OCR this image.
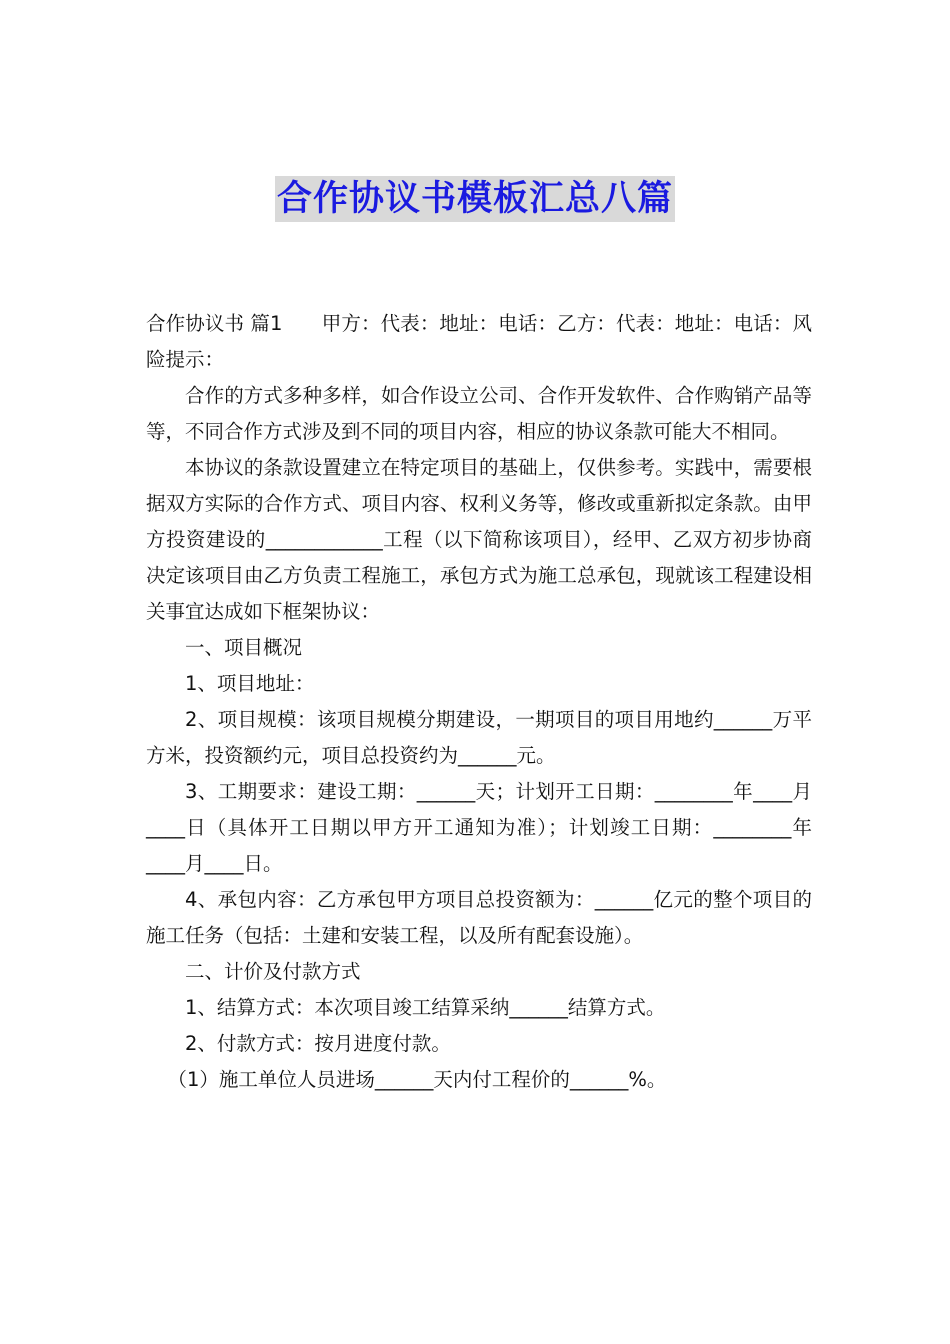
合作协议书模板汇总八篇

合作协议书 篇1　　甲方：代表：地址：电话：乙方：代表：地址：电话：风险提示：

合作的方式多种多样，如合作设立公司、合作开发软件、合作购销产品等等，不同合作方式涉及到不同的项目内容，相应的协议条款可能大不相同。

本协议的条款设置建立在特定项目的基础上，仅供参考。实践中，需要根据双方实际的合作方式、项目内容、权利义务等，修改或重新拟定条款。由甲方投资建设的____________工程（以下简称该项目），经甲、乙双方初步协商决定该项目由乙方负责工程施工，承包方式为施工总承包，现就该工程建设相关事宜达成如下框架协议：

一、项目概况

1、项目地址：

2、项目规模：该项目规模分期建设，一期项目的项目用地约______万平方米，投资额约元，项目总投资约为______元。

3、工期要求：建设工期：______天；计划开工日期：________年____月____日（具体开工日期以甲方开工通知为准）；计划竣工日期：________年____月____日。

4、承包内容：乙方承包甲方项目总投资额为：______亿元的整个项目的施工任务（包括：土建和安装工程，以及所有配套设施）。

二、计价及付款方式

1、结算方式：本次项目竣工结算采纳______结算方式。

2、付款方式：按月进度付款。

（1）施工单位人员进场______天内付工程价的______%。
